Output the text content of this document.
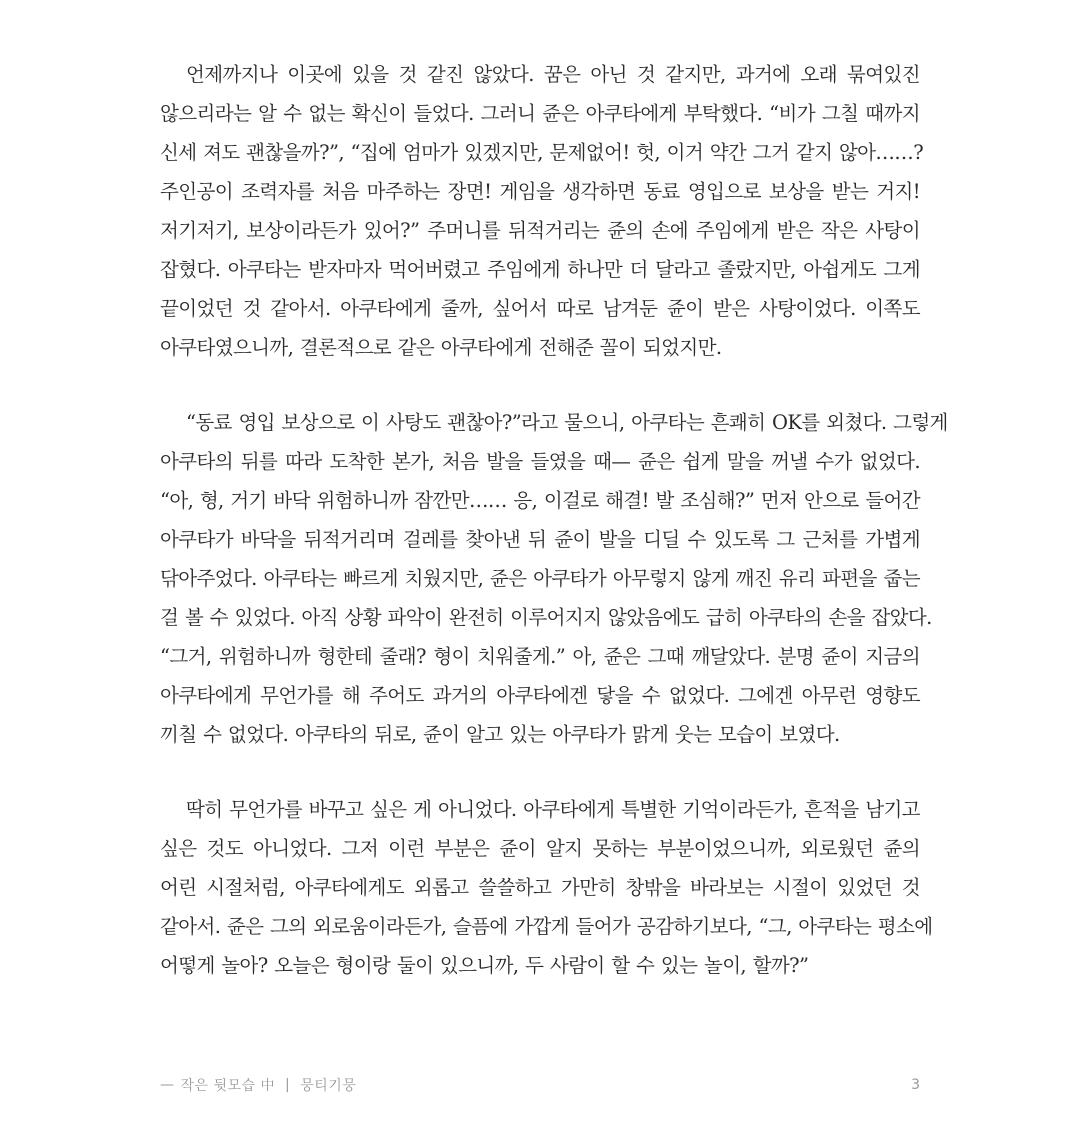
언제까지나 이곳에 있을 것 같진 않았다. 꿈은 아닌 것 같지만, 과거에 오래 묶여있진
않으리라는 알 수 없는 확신이 들었다. 그러니 쥰은 아쿠타에게 부탁했다. “비가 그칠 때까지
신세 져도 괜찮을까?”, “집에 엄마가 있겠지만, 문제없어! 헛, 이거 약간 그거 같지 않아……?
주인공이 조력자를 처음 마주하는 장면! 게임을 생각하면 동료 영입으로 보상을 받는 거지!
저기저기, 보상이라든가 있어?” 주머니를 뒤적거리는 쥰의 손에 주임에게 받은 작은 사탕이
잡혔다. 아쿠타는 받자마자 먹어버렸고 주임에게 하나만 더 달라고 졸랐지만, 아쉽게도 그게
끝이었던 것 같아서. 아쿠타에게 줄까, 싶어서 따로 남겨둔 쥰이 받은 사탕이었다. 이쪽도
아쿠타였으니까, 결론적으로 같은 아쿠타에게 전해준 꼴이 되었지만.
“동료 영입 보상으로 이 사탕도 괜찮아?”라고 물으니, 아쿠타는 흔쾌히 OK를 외쳤다. 그렇게
아쿠타의 뒤를 따라 도착한 본가, 처음 발을 들였을 때— 쥰은 쉽게 말을 꺼낼 수가 없었다.
“아, 형, 거기 바닥 위험하니까 잠깐만…… 응, 이걸로 해결! 발 조심해?” 먼저 안으로 들어간
아쿠타가 바닥을 뒤적거리며 걸레를 찾아낸 뒤 쥰이 발을 디딜 수 있도록 그 근처를 가볍게
닦아주었다. 아쿠타는 빠르게 치웠지만, 쥰은 아쿠타가 아무렇지 않게 깨진 유리 파편을 줍는
걸 볼 수 있었다. 아직 상황 파악이 완전히 이루어지지 않았음에도 급히 아쿠타의 손을 잡았다.
“그거, 위험하니까 형한테 줄래? 형이 치워줄게.” 아, 쥰은 그때 깨달았다. 분명 쥰이 지금의
아쿠타에게 무언가를 해 주어도 과거의 아쿠타에겐 닿을 수 없었다. 그에겐 아무런 영향도
끼칠 수 없었다. 아쿠타의 뒤로, 쥰이 알고 있는 아쿠타가 맑게 웃는 모습이 보였다.
딱히 무언가를 바꾸고 싶은 게 아니었다. 아쿠타에게 특별한 기억이라든가, 흔적을 남기고
싶은 것도 아니었다. 그저 이런 부분은 쥰이 알지 못하는 부분이었으니까, 외로웠던 쥰의
어린 시절처럼, 아쿠타에게도 외롭고 쓸쓸하고 가만히 창밖을 바라보는 시절이 있었던 것
같아서. 쥰은 그의 외로움이라든가, 슬픔에 가깝게 들어가 공감하기보다, “그, 아쿠타는 평소에
어떻게 놀아? 오늘은 형이랑 둘이 있으니까, 두 사람이 할 수 있는 놀이, 할까?”
— 작은 뒷모습 中 | 뭉티기뭉	3
